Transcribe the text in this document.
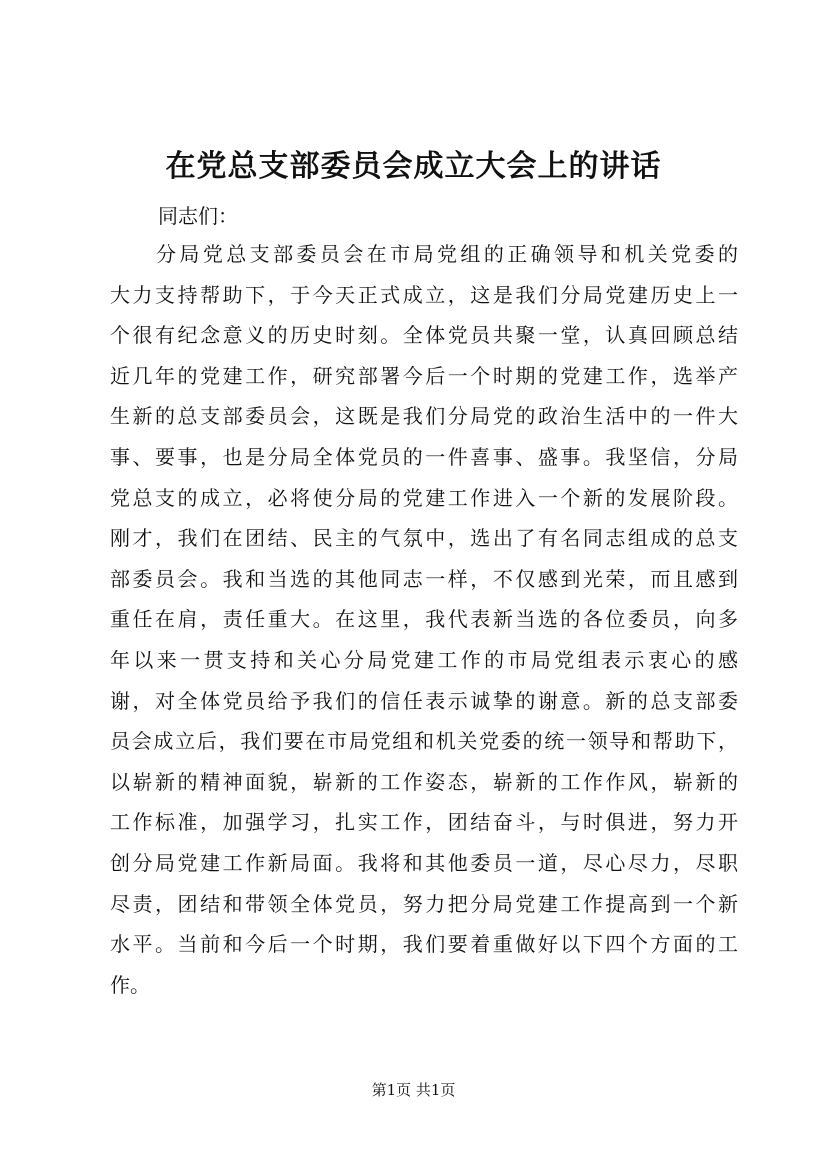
在党总支部委员会成立大会上的讲话

同志们：

分局党总支部委员会在市局党组的正确领导和机关党委的
大力支持帮助下，于今天正式成立，这是我们分局党建历史上一
个很有纪念意义的历史时刻。全体党员共聚一堂，认真回顾总结
近几年的党建工作，研究部署今后一个时期的党建工作，选举产
生新的总支部委员会，这既是我们分局党的政治生活中的一件大
事、要事，也是分局全体党员的一件喜事、盛事。我坚信，分局
党总支的成立，必将使分局的党建工作进入一个新的发展阶段。
刚才，我们在团结、民主的气氛中，选出了有名同志组成的总支
部委员会。我和当选的其他同志一样，不仅感到光荣，而且感到
重任在肩，责任重大。在这里，我代表新当选的各位委员，向多
年以来一贯支持和关心分局党建工作的市局党组表示衷心的感
谢，对全体党员给予我们的信任表示诚挚的谢意。新的总支部委
员会成立后，我们要在市局党组和机关党委的统一领导和帮助下，
以崭新的精神面貌，崭新的工作姿态，崭新的工作作风，崭新的
工作标准，加强学习，扎实工作，团结奋斗，与时俱进，努力开
创分局党建工作新局面。我将和其他委员一道，尽心尽力，尽职
尽责，团结和带领全体党员，努力把分局党建工作提高到一个新
水平。当前和今后一个时期，我们要着重做好以下四个方面的工
作。

第1页 共1页
